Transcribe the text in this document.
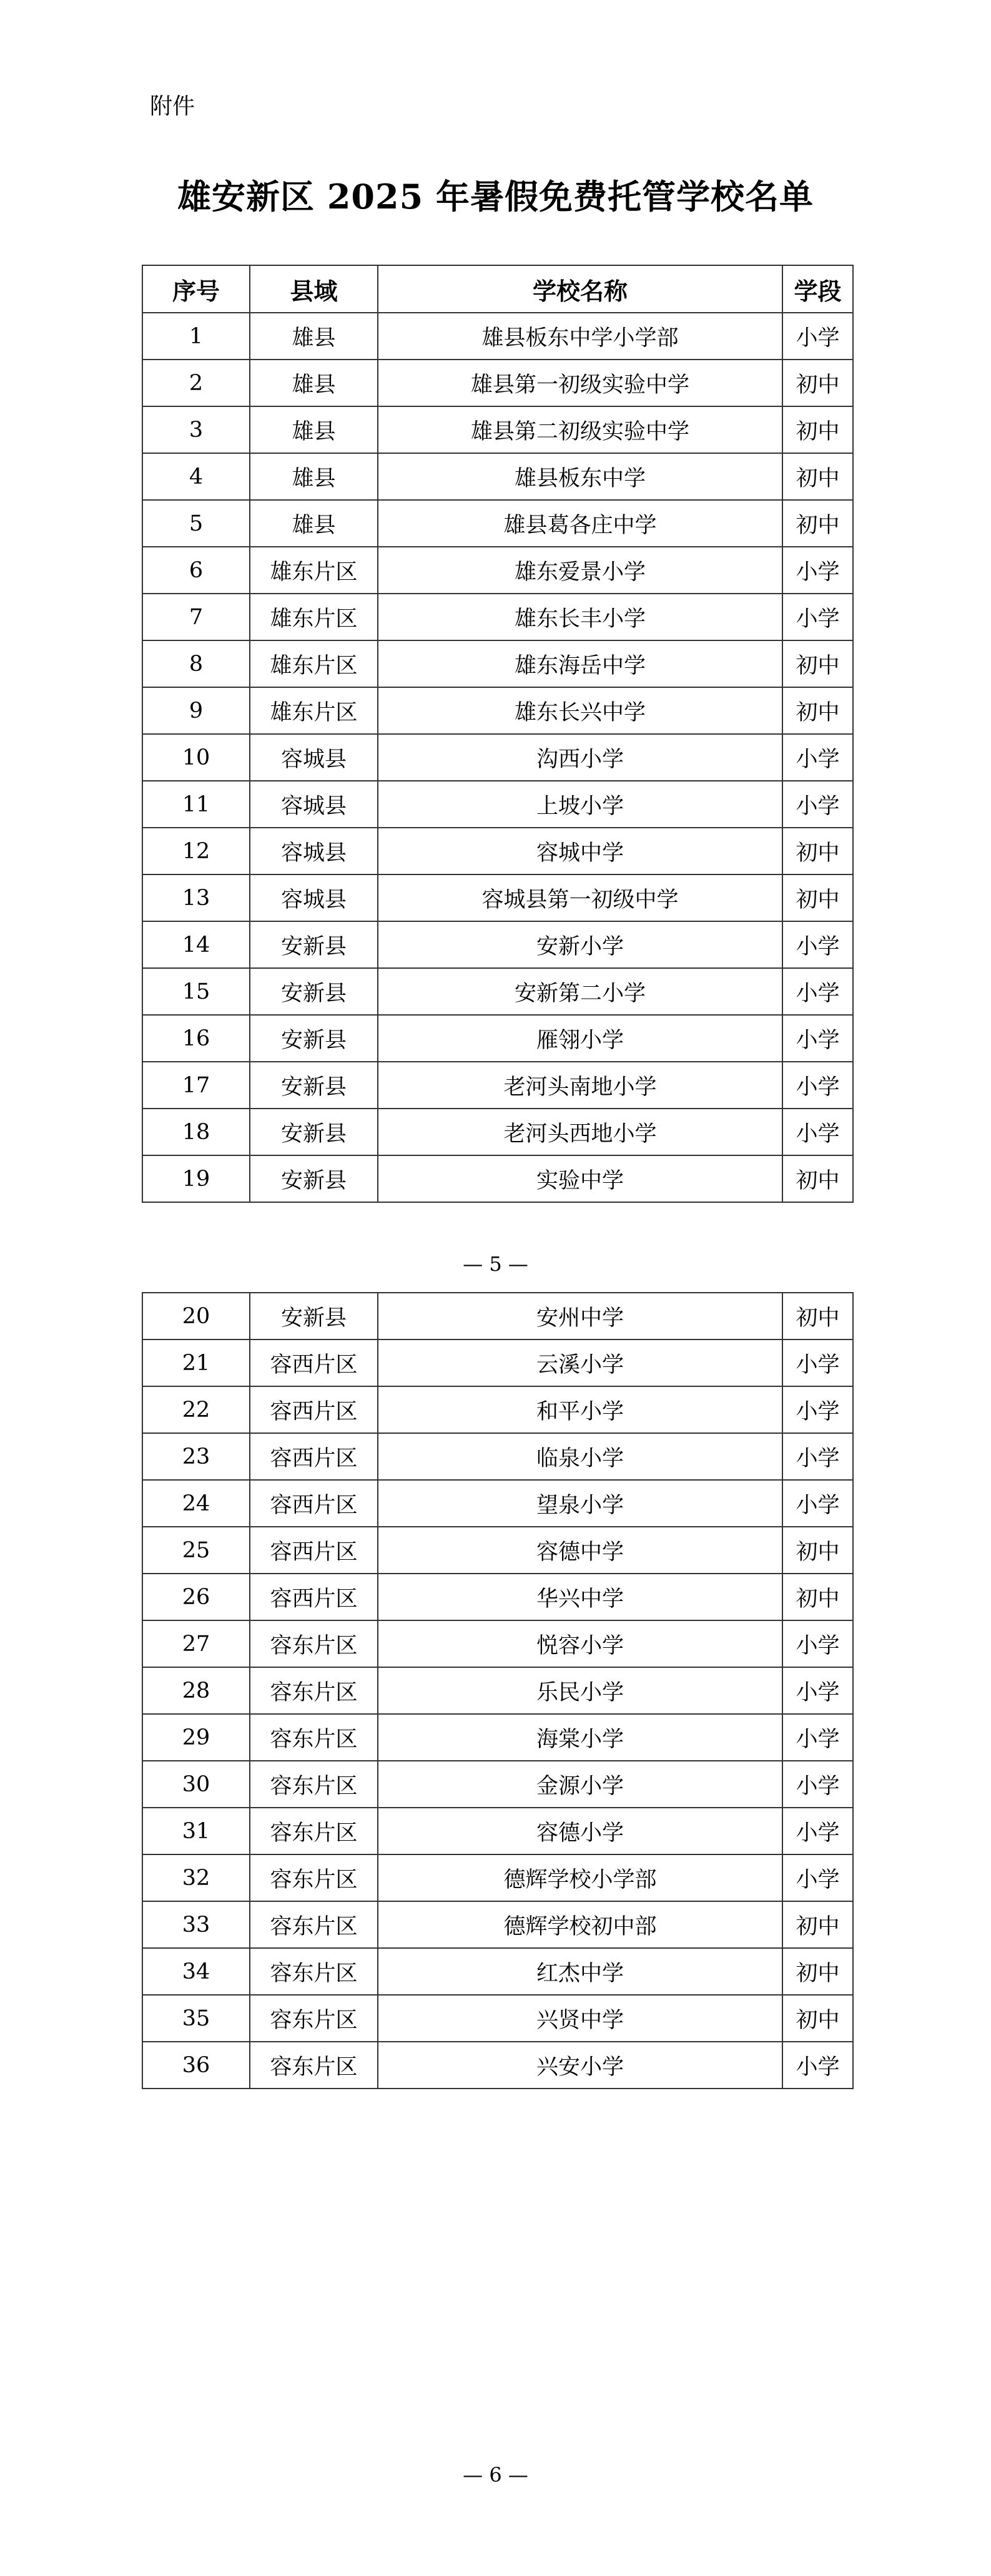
附件
雄安新区 2025 年暑假免费托管学校名单
序号	县域	学校名称	学段
1	雄县	雄县板东中学小学部	小学
2	雄县	雄县第一初级实验中学	初中
3	雄县	雄县第二初级实验中学	初中
4	雄县	雄县板东中学	初中
5	雄县	雄县葛各庄中学	初中
6	雄东片区	雄东爱景小学	小学
7	雄东片区	雄东长丰小学	小学
8	雄东片区	雄东海岳中学	初中
9	雄东片区	雄东长兴中学	初中
10	容城县	沟西小学	小学
11	容城县	上坡小学	小学
12	容城县	容城中学	初中
13	容城县	容城县第一初级中学	初中
14	安新县	安新小学	小学
15	安新县	安新第二小学	小学
16	安新县	雁翎小学	小学
17	安新县	老河头南地小学	小学
18	安新县	老河头西地小学	小学
19	安新县	实验中学	初中
— 5 —
20	安新县	安州中学	初中
21	容西片区	云溪小学	小学
22	容西片区	和平小学	小学
23	容西片区	临泉小学	小学
24	容西片区	望泉小学	小学
25	容西片区	容德中学	初中
26	容西片区	华兴中学	初中
27	容东片区	悦容小学	小学
28	容东片区	乐民小学	小学
29	容东片区	海棠小学	小学
30	容东片区	金源小学	小学
31	容东片区	容德小学	小学
32	容东片区	德辉学校小学部	小学
33	容东片区	德辉学校初中部	初中
34	容东片区	红杰中学	初中
35	容东片区	兴贤中学	初中
36	容东片区	兴安小学	小学
— 6 —
